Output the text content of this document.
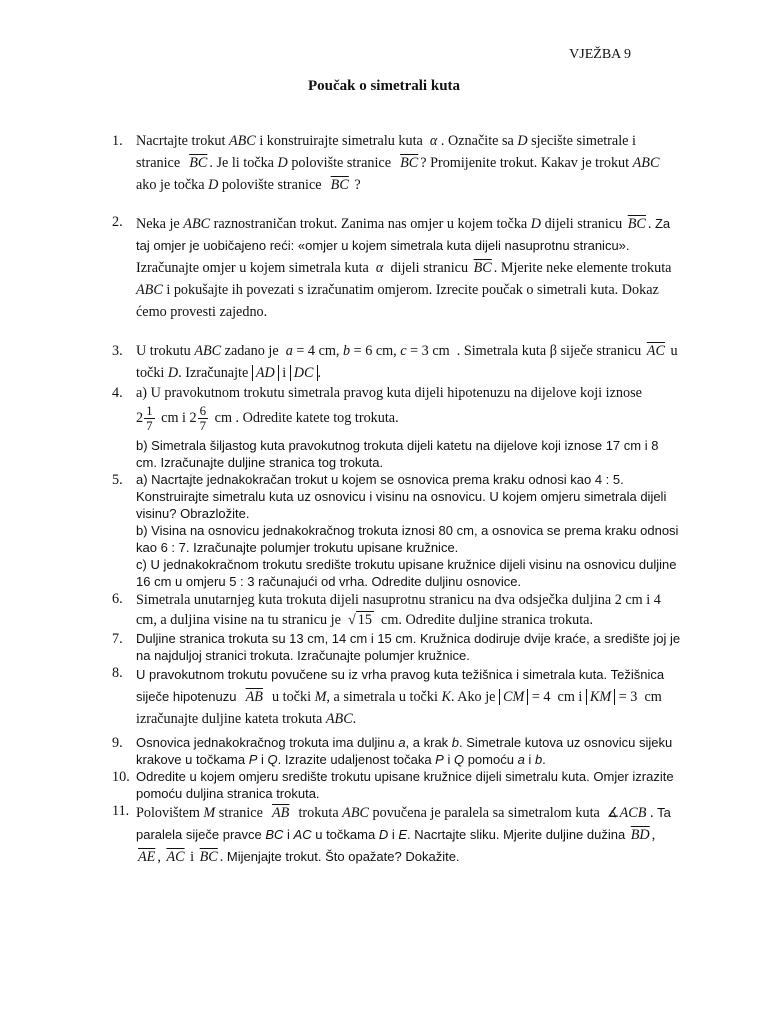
VJEŽBA 9
Poučak o simetrali kuta
1. Nacrtajte trokut ABC i konstruirajte simetralu kuta  α . Označite sa D sjecište simetrale i stranice  $\overline{BC}$ . Je li točka D polovište stranice  $\overline{BC}$ ? Promijenite trokut. Kakav je trokut ABC ako je točka D polovište stranice  $\overline{BC}$ ?

2. Neka je ABC raznostraničan trokut. Zanima nas omjer u kojem točka D dijeli stranicu $\overline{BC}$ . Za taj omjer je uobičajeno reći: «omjer u kojem simetrala kuta dijeli nasuprotnu stranicu». Izračunajte omjer u kojem simetrala kuta  α  dijeli stranicu $\overline{BC}$ . Mjerite neke elemente trokuta ABC i pokušajte ih povezati s izračunatim omjerom. Izrecite poučak o simetrali kuta. Dokaz ćemo provesti zajedno.

3. U trokutu ABC zadano je  a = 4 cm, b = 6 cm, c = 3 cm  . Simetrala kuta β siječe stranicu $\overline{AC}$ u točki D. Izračunajte AD i DC .

4. a) U pravokutnom trokutu simetrala pravog kuta dijeli hipotenuzu na dijelove koji iznose

$2 \frac{1}{7}$ cm i $2 \frac{6}{7}$ cm . Odredite katete tog trokuta.

b) Simetrala šiljastog kuta pravokutnog trokuta dijeli katetu na dijelove koji iznose 17 cm i 8 cm. Izračunajte duljine stranica tog trokuta.

5.	a) Nacrtajte jednakokračan trokut u kojem se osnovica prema kraku odnosi kao 4 : 5. Konstruirajte simetralu kuta uz osnovicu i visinu na osnovicu. U kojem omjeru simetrala dijeli visinu? Obrazložite.

b) Visina na osnovicu jednakokračnog trokuta iznosi 80 cm, a osnovica se prema kraku odnosi kao 6 : 7. Izračunajte polumjer trokutu upisane kružnice.

c) U jednakokračnom trokutu središte trokutu upisane kružnice dijeli visinu na osnovicu duljine 16 cm u omjeru 5 : 3 računajući od vrha. Odredite duljinu osnovice.

6. Simetrala unutarnjeg kuta trokuta dijeli nasuprotnu stranicu na dva odsječka duljina 2 cm i 4 cm, a duljina visine na tu stranicu je  √ 15  cm. Odredite duljine stranica trokuta.

7.	Duljine stranica trokuta su 13 cm, 14 cm i 15 cm. Kružnica dodiruje dvije kraće, a središte joj je na najduljoj stranici trokuta. Izračunajte polumjer kružnice.

8.	U pravokutnom trokutu povučene su iz vrha pravog kuta težišnica i simetrala kuta. Težišnica siječe hipotenuzu $\overline{AB}$  u točki M, a simetrala u točki K. Ako je CM = 4  cm i KM = 3  cm izračunajte duljine kateta trokuta ABC.

9.	Osnovica jednakokračnog trokuta ima duljinu a, a krak b. Simetrale kutova uz osnovicu sijeku krakove u točkama P i Q. Izrazite udaljenost točaka P i Q pomoću a i b.

10. Odredite u kojem omjeru središte trokutu upisane kružnice dijeli simetralu kuta. Omjer izrazite pomoću duljina stranica trokuta.

11. Polovištem M stranice  $\overline{AB}$  trokuta ABC povučena je paralela sa simetralom kuta  ∡ACB . Ta paralela siječe pravce BC i AC u točkama D i E. Nacrtajte sliku. Mjerite duljine dužina $\overline{BD}$ , $\overline{AE}$ , $\overline{AC}$ i $\overline{BC}$ . Mijenjajte trokut. Što opažate? Dokažite.
